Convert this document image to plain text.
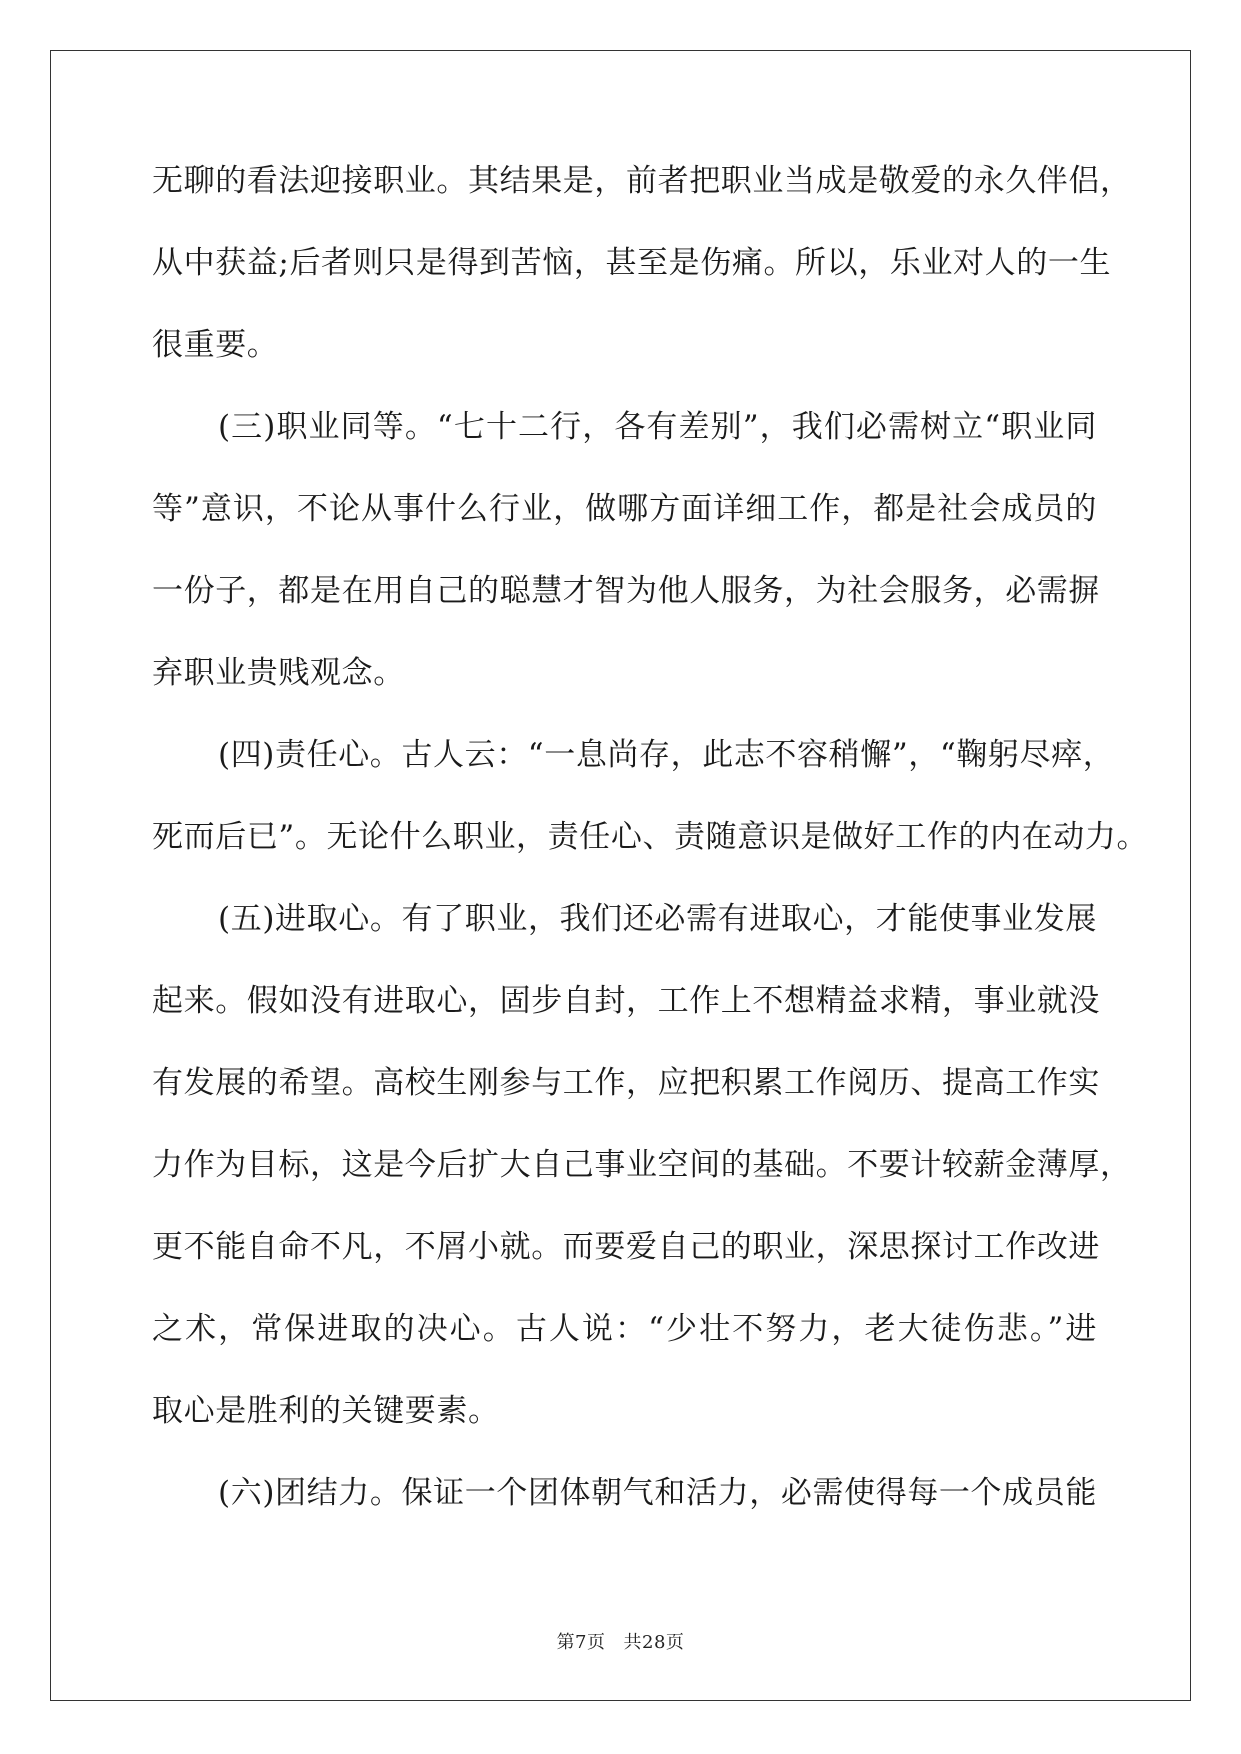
无聊的看法迎接职业。其结果是，前者把职业当成是敬爱的永久伴侣，
从中获益;后者则只是得到苦恼，甚至是伤痛。所以，乐业对人的一生
很重要。
(三)职业同等。“七十二行，各有差别”，我们必需树立“职业同
等”意识，不论从事什么行业，做哪方面详细工作，都是社会成员的
一份子，都是在用自己的聪慧才智为他人服务，为社会服务，必需摒
弃职业贵贱观念。
(四)责任心。古人云：“一息尚存，此志不容稍懈”，“鞠躬尽瘁，
死而后已”。无论什么职业，责任心、责随意识是做好工作的内在动力。
(五)进取心。有了职业，我们还必需有进取心，才能使事业发展
起来。假如没有进取心，固步自封，工作上不想精益求精，事业就没
有发展的希望。高校生刚参与工作，应把积累工作阅历、提高工作实
力作为目标，这是今后扩大自己事业空间的基础。不要计较薪金薄厚，
更不能自命不凡，不屑小就。而要爱自己的职业，深思探讨工作改进
之术，常保进取的决心。古人说：“少壮不努力，老大徒伤悲。”进
取心是胜利的关键要素。
(六)团结力。保证一个团体朝气和活力，必需使得每一个成员能
第7页 共28页
